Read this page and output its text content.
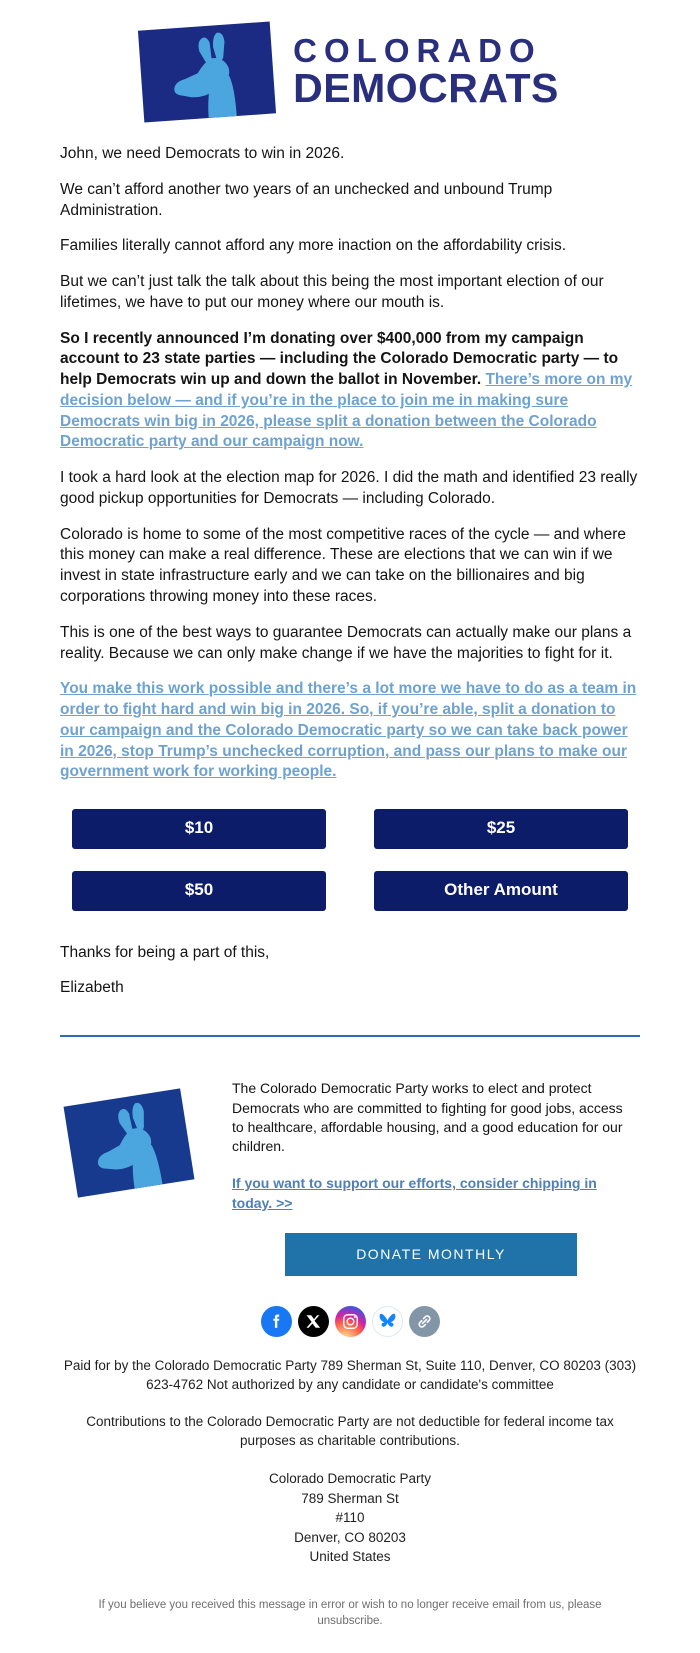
COLORADO
DEMOCRATS

John, we need Democrats to win in 2026.

We can’t afford another two years of an unchecked and unbound Trump Administration.

Families literally cannot afford any more inaction on the affordability crisis.

But we can’t just talk the talk about this being the most important election of our lifetimes, we have to put our money where our mouth is.

So I recently announced I’m donating over $400,000 from my campaign account to 23 state parties — including the Colorado Democratic party — to help Democrats win up and down the ballot in November. There’s more on my decision below — and if you’re in the place to join me in making sure Democrats win big in 2026, please split a donation between the Colorado Democratic party and our campaign now.

I took a hard look at the election map for 2026. I did the math and identified 23 really good pickup opportunities for Democrats — including Colorado.

Colorado is home to some of the most competitive races of the cycle — and where this money can make a real difference. These are elections that we can win if we invest in state infrastructure early and we can take on the billionaires and big corporations throwing money into these races.

This is one of the best ways to guarantee Democrats can actually make our plans a reality. Because we can only make change if we have the majorities to fight for it.

You make this work possible and there’s a lot more we have to do as a team in order to fight hard and win big in 2026. So, if you’re able, split a donation to our campaign and the Colorado Democratic party so we can take back power in 2026, stop Trump’s unchecked corruption, and pass our plans to make our government work for working people.

$10	$25
$50	Other Amount

Thanks for being a part of this,

Elizabeth

The Colorado Democratic Party works to elect and protect Democrats who are committed to fighting for good jobs, access to healthcare, affordable housing, and a good education for our children.

If you want to support our efforts, consider chipping in today. >>

DONATE MONTHLY

Paid for by the Colorado Democratic Party 789 Sherman St, Suite 110, Denver, CO 80203 (303) 623-4762 Not authorized by any candidate or candidate's committee

Contributions to the Colorado Democratic Party are not deductible for federal income tax purposes as charitable contributions.

Colorado Democratic Party
789 Sherman St
#110
Denver, CO 80203
United States

If you believe you received this message in error or wish to no longer receive email from us, please unsubscribe.
